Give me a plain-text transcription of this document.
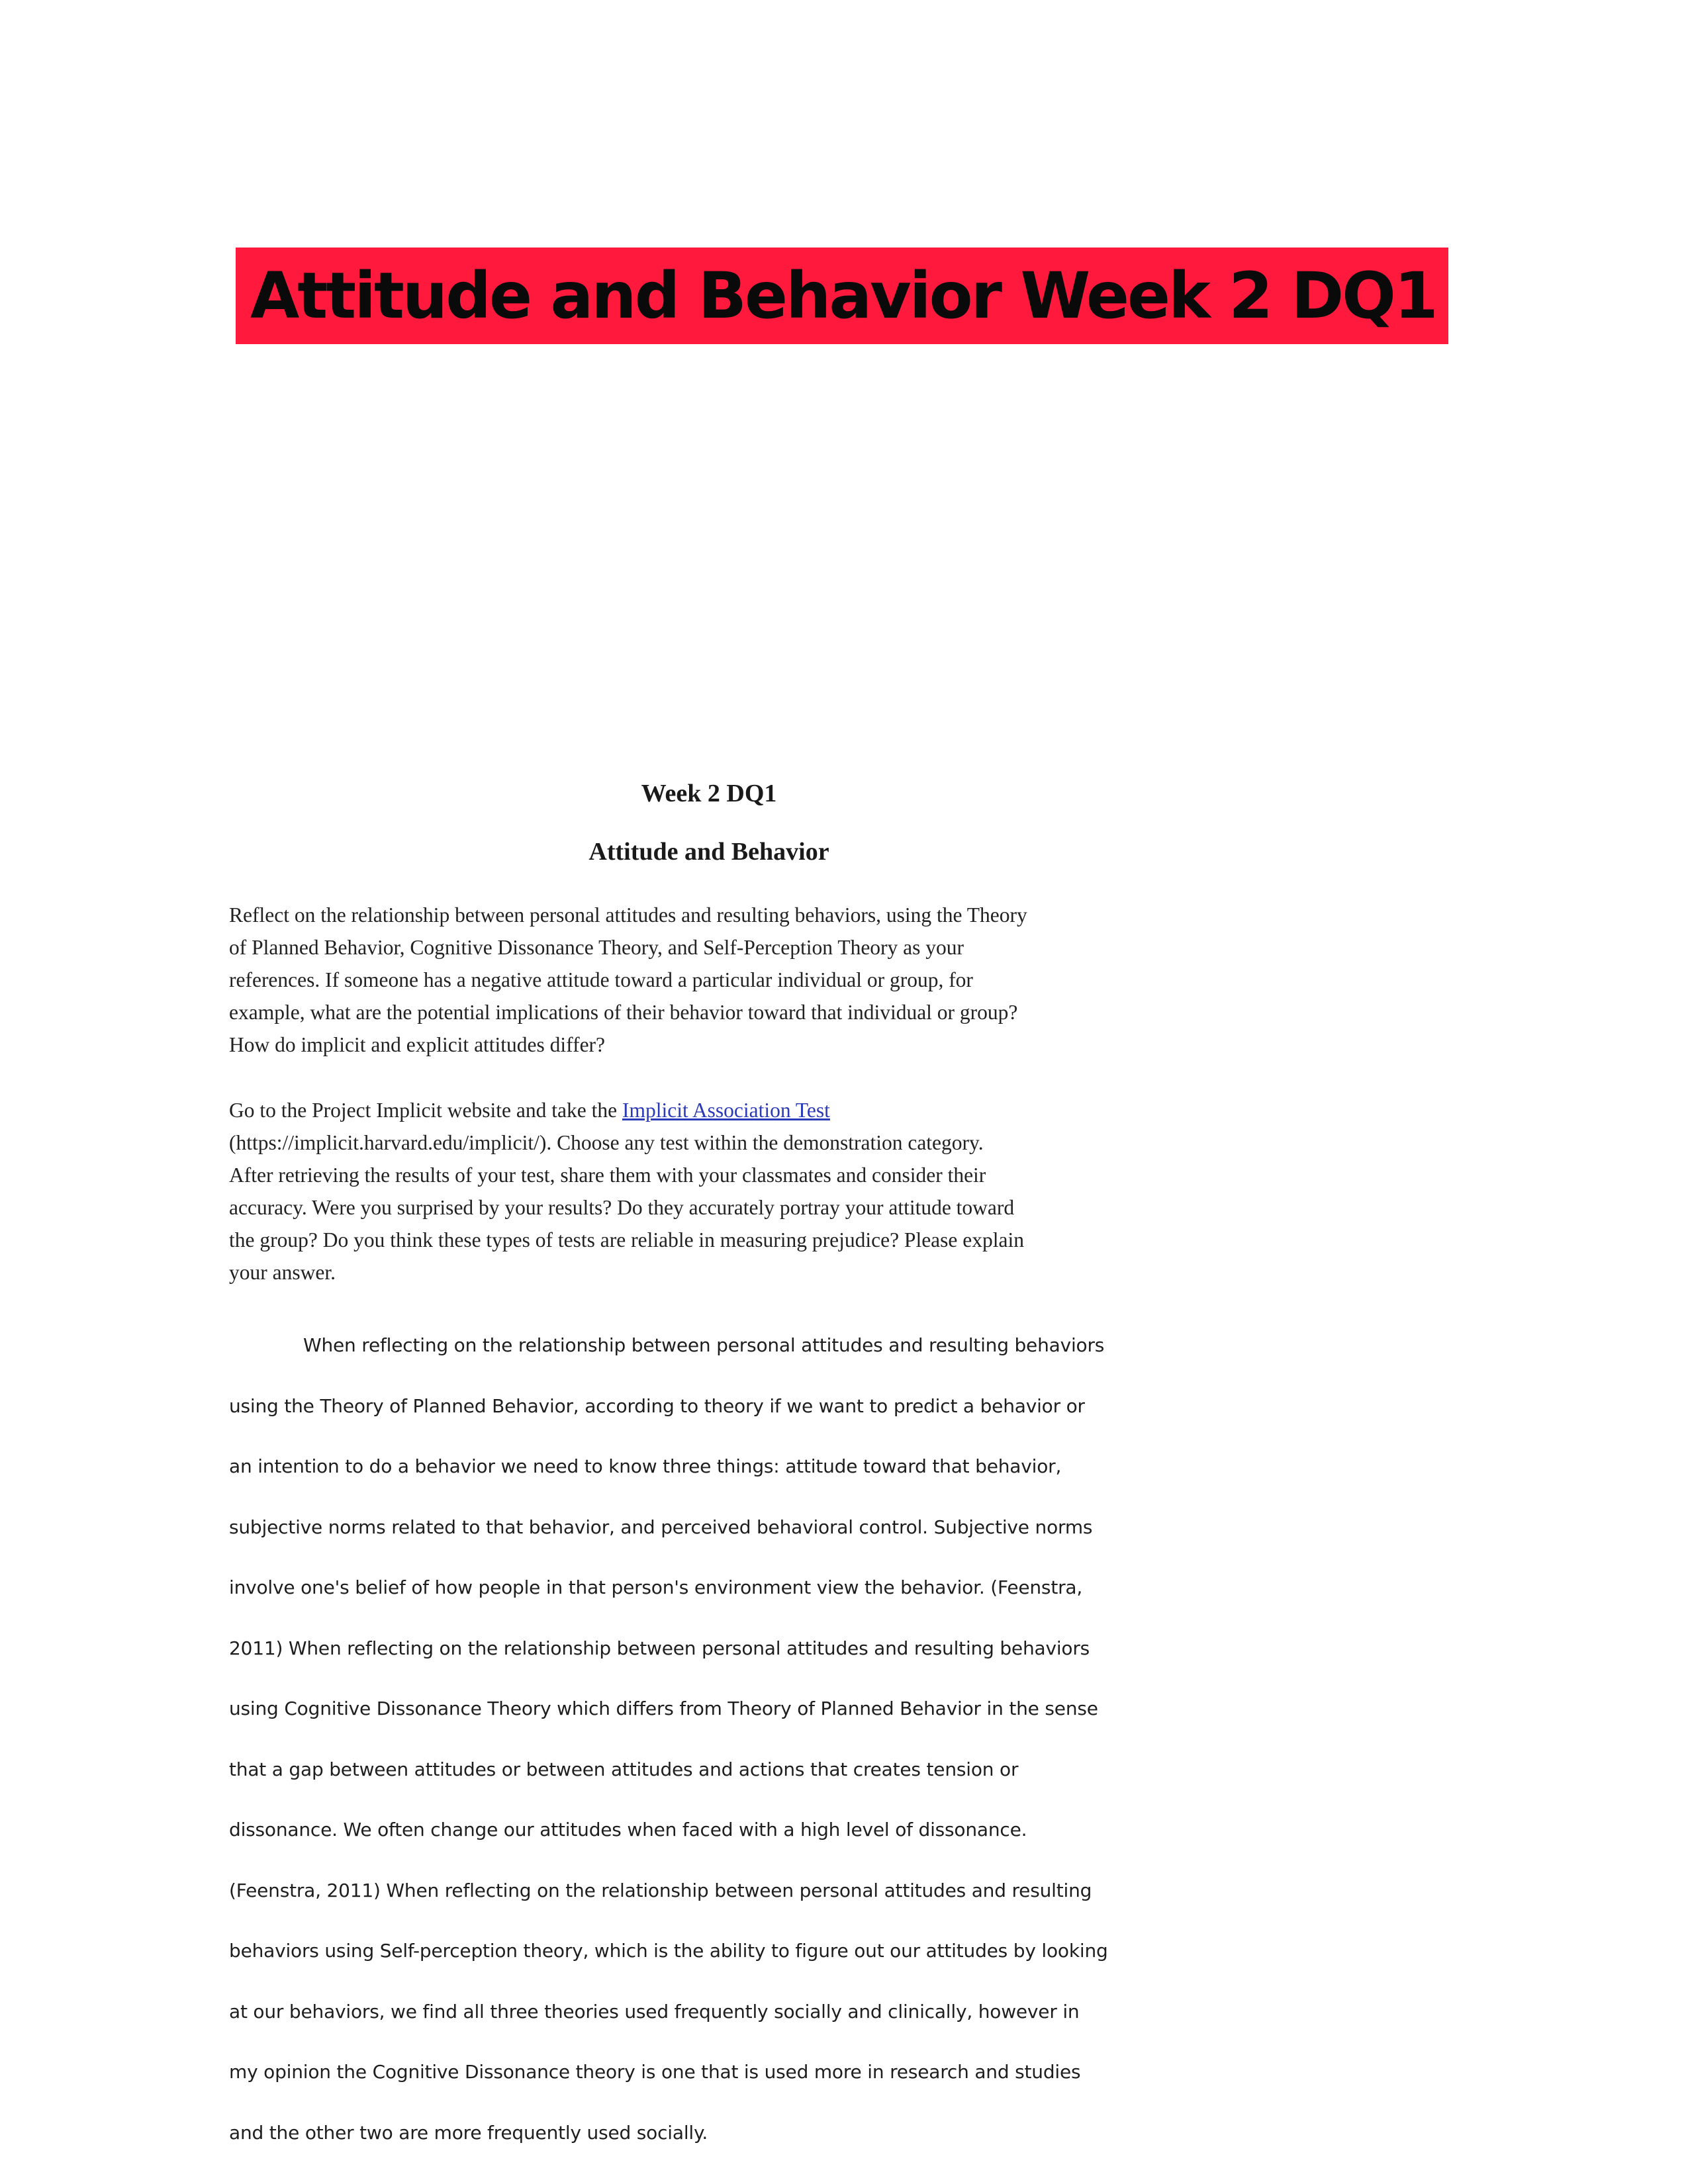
Attitude and Behavior Week 2 DQ1
Week 2 DQ1
Attitude and Behavior

Reflect on the relationship between personal attitudes and resulting behaviors, using the Theory
of Planned Behavior, Cognitive Dissonance Theory, and Self-Perception Theory as your
references. If someone has a negative attitude toward a particular individual or group, for
example, what are the potential implications of their behavior toward that individual or group?
How do implicit and explicit attitudes differ?

Go to the Project Implicit website and take the Implicit Association Test
(https://implicit.harvard.edu/implicit/). Choose any test within the demonstration category.
After retrieving the results of your test, share them with your classmates and consider their
accuracy. Were you surprised by your results? Do they accurately portray your attitude toward
the group? Do you think these types of tests are reliable in measuring prejudice? Please explain
your answer.

When reflecting on the relationship between personal attitudes and resulting behaviors
using the Theory of Planned Behavior, according to theory if we want to predict a behavior or
an intention to do a behavior we need to know three things: attitude toward that behavior,
subjective norms related to that behavior, and perceived behavioral control. Subjective norms
involve one's belief of how people in that person's environment view the behavior. (Feenstra,
2011) When reflecting on the relationship between personal attitudes and resulting behaviors
using Cognitive Dissonance Theory which differs from Theory of Planned Behavior in the sense
that a gap between attitudes or between attitudes and actions that creates tension or
dissonance. We often change our attitudes when faced with a high level of dissonance.
(Feenstra, 2011) When reflecting on the relationship between personal attitudes and resulting
behaviors using Self-perception theory, which is the ability to figure out our attitudes by looking
at our behaviors, we find all three theories used frequently socially and clinically, however in
my opinion the Cognitive Dissonance theory is one that is used more in research and studies
and the other two are more frequently used socially.
